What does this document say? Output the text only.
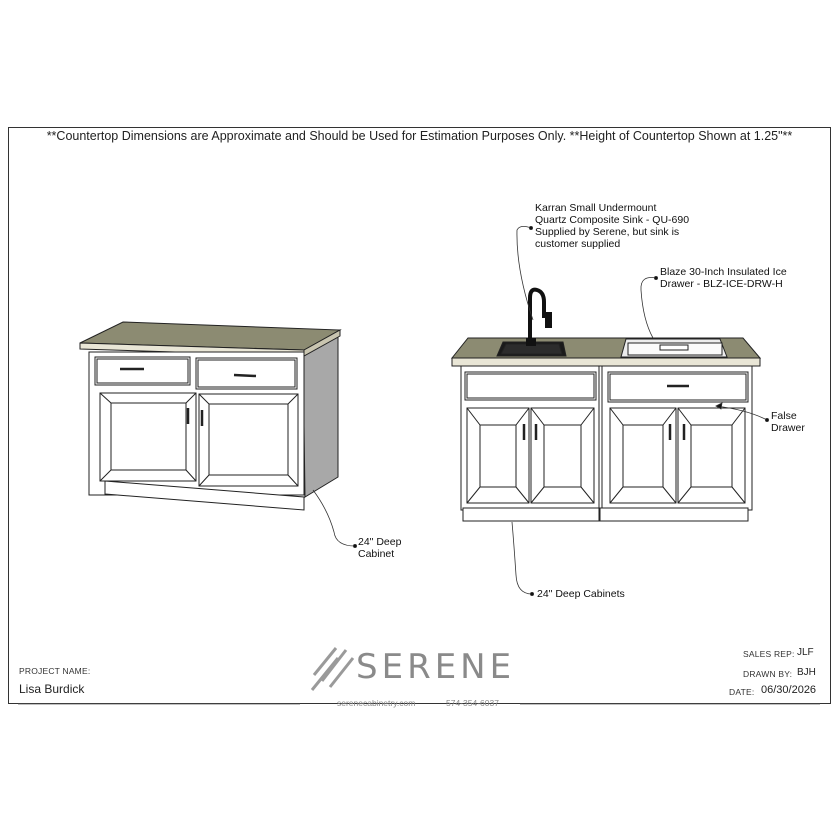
**Countertop Dimensions are Approximate and Should be Used for Estimation Purposes Only. **Height of Countertop Shown at 1.25"**
Karran Small Undermount
Quartz Composite Sink - QU-690
Supplied by Serene, but sink is
customer supplied
Blaze 30-Inch Insulated Ice
Drawer - BLZ-ICE-DRW-H
False
Drawer
24" Deep
Cabinet
24" Deep Cabinets
PROJECT NAME:
Lisa Burdick
SERENE
serenecabinetry.com	574-354-6037
SALES REP: JLF
DRAWN BY: BJH
DATE: 06/30/2026
